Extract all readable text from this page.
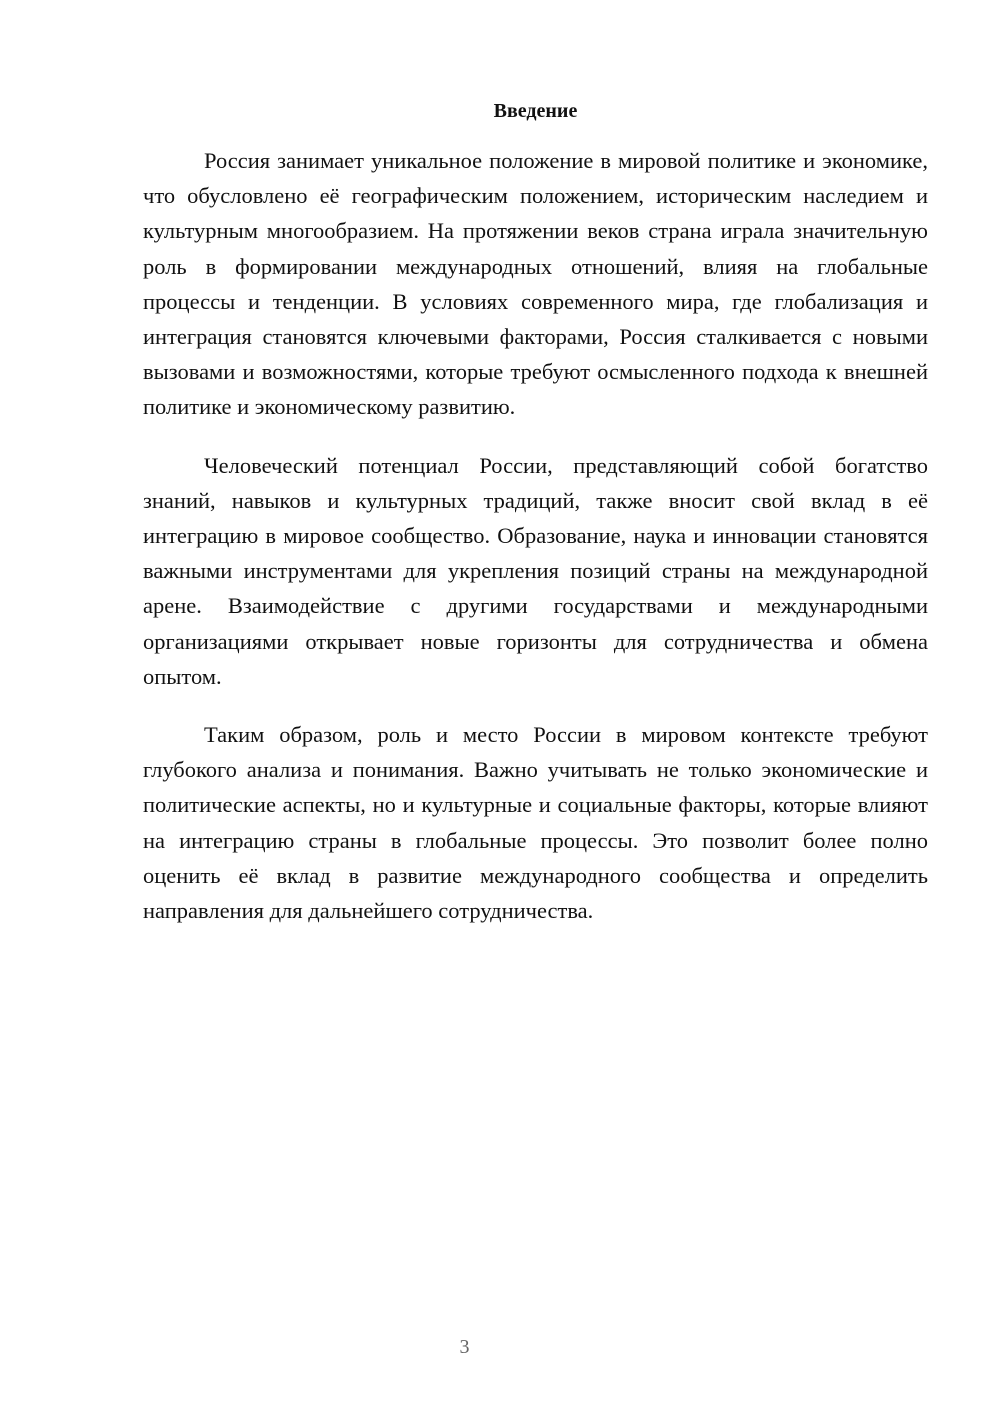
Введение

Россия занимает уникальное положение в мировой политике и экономике, что обусловлено её географическим положением, историческим наследием и культурным многообразием. На протяжении веков страна играла значительную роль в формировании международных отношений, влияя на глобальные процессы и тенденции. В условиях современного мира, где глобализация и интеграция становятся ключевыми факторами, Россия сталкивается с новыми вызовами и возможностями, которые требуют осмысленного подхода к внешней политике и экономическому развитию.

Человеческий потенциал России, представляющий собой богатство знаний, навыков и культурных традиций, также вносит свой вклад в её интеграцию в мировое сообщество. Образование, наука и инновации становятся важными инструментами для укрепления позиций страны на международной арене. Взаимодействие с другими государствами и международными организациями открывает новые горизонты для сотрудничества и обмена опытом.

Таким образом, роль и место России в мировом контексте требуют глубокого анализа и понимания. Важно учитывать не только экономические и политические аспекты, но и культурные и социальные факторы, которые влияют на интеграцию страны в глобальные процессы. Это позволит более полно оценить её вклад в развитие международного сообщества и определить направления для дальнейшего сотрудничества.

3
